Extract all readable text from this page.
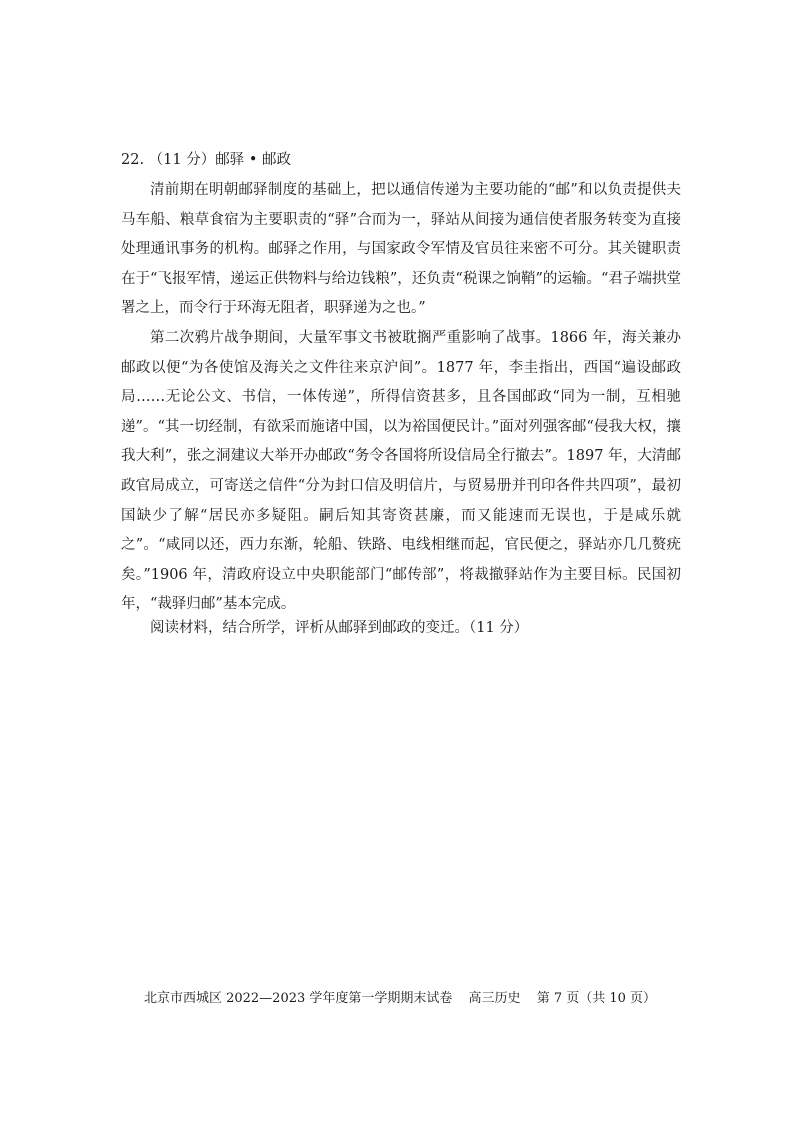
22. （11 分）邮驿 • 邮政

清前期在明朝邮驿制度的基础上，把以通信传递为主要功能的“邮”和以负责提供夫马车船、粮草食宿为主要职责的“驿”合而为一，驿站从间接为通信使者服务转变为直接处理通讯事务的机构。邮驿之作用，与国家政令军情及官员往来密不可分。其关键职责在于“飞报军情，递运正供物料与给边钱粮”，还负责“税课之饷鞘”的运输。“君子端拱堂署之上，而令行于环海无阻者，职驿递为之也。”

第二次鸦片战争期间，大量军事文书被耽搁严重影响了战事。1866 年，海关兼办邮政以便“为各使馆及海关之文件往来京沪间”。1877 年，李圭指出，西国“遍设邮政局……无论公文、书信，一体传递”，所得信资甚多，且各国邮政“同为一制，互相驰递”。“其一切经制，有欲采而施诸中国，以为裕国便民计。”面对列强客邮“侵我大权，攘我大利”，张之洞建议大举开办邮政“务令各国将所设信局全行撤去”。1897 年，大清邮政官局成立，可寄送之信件“分为封口信及明信片，与贸易册并刊印各件共四项”，最初国缺少了解“居民亦多疑阻。嗣后知其寄资甚廉，而又能速而无误也，于是咸乐就之”。“咸同以还，西力东渐，轮船、铁路、电线相继而起，官民便之，驿站亦几几赘疣矣。”1906 年，清政府设立中央职能部门“邮传部”，将裁撤驿站作为主要目标。民国初年，“裁驿归邮”基本完成。

阅读材料，结合所学，评析从邮驿到邮政的变迁。（11 分）

北京市西城区 2022—2023 学年度第一学期期末试卷 高三历史 第 7 页（共 10 页）
